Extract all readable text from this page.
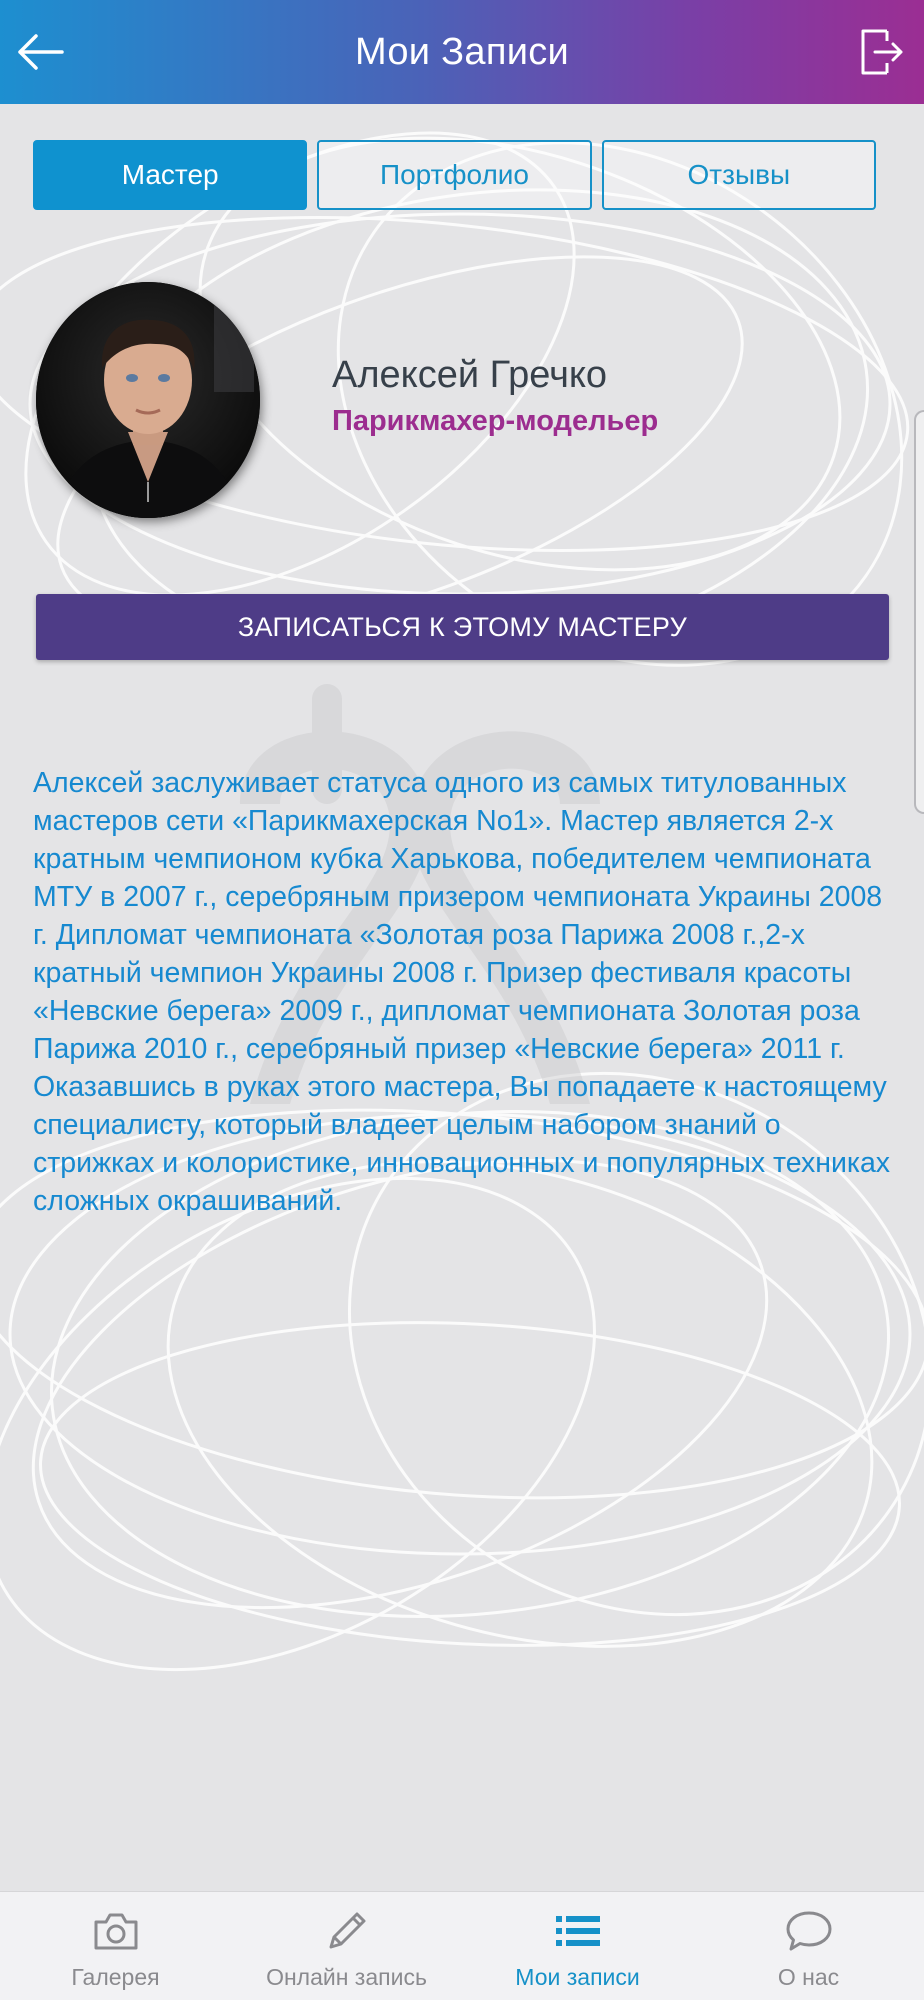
Мои Записи
Мастер	Портфолио	Отзывы
Алексей Гречко
Парикмахер-модельер
ЗАПИСАТЬСЯ К ЭТОМУ МАСТЕРУ
Алексей заслуживает статуса одного из самых титулованных мастеров сети «Парикмахерская No1». Мастер является 2-х кратным чемпионом кубка Харькова, победителем чемпионата МТУ в 2007 г., серебряным призером чемпионата Украины 2008 г. Диплoмат чемпионата «Золотая роза Парижа 2008 г.,2-х кратный чемпион Украины 2008 г. Призер фестиваля красоты «Невские берега» 2009 г., дипломат чемпионата Золотая роза Парижа 2010 г., серебряный призер «Невские берега» 2011 г. Оказавшись в руках этого мастера, Вы попадаете к настоящему специалисту, который владеет целым набором знаний о стрижках и колористике, инновационных и популярных техниках сложных окрашиваний.
Галерея	Онлайн запись	Мои записи	О нас
